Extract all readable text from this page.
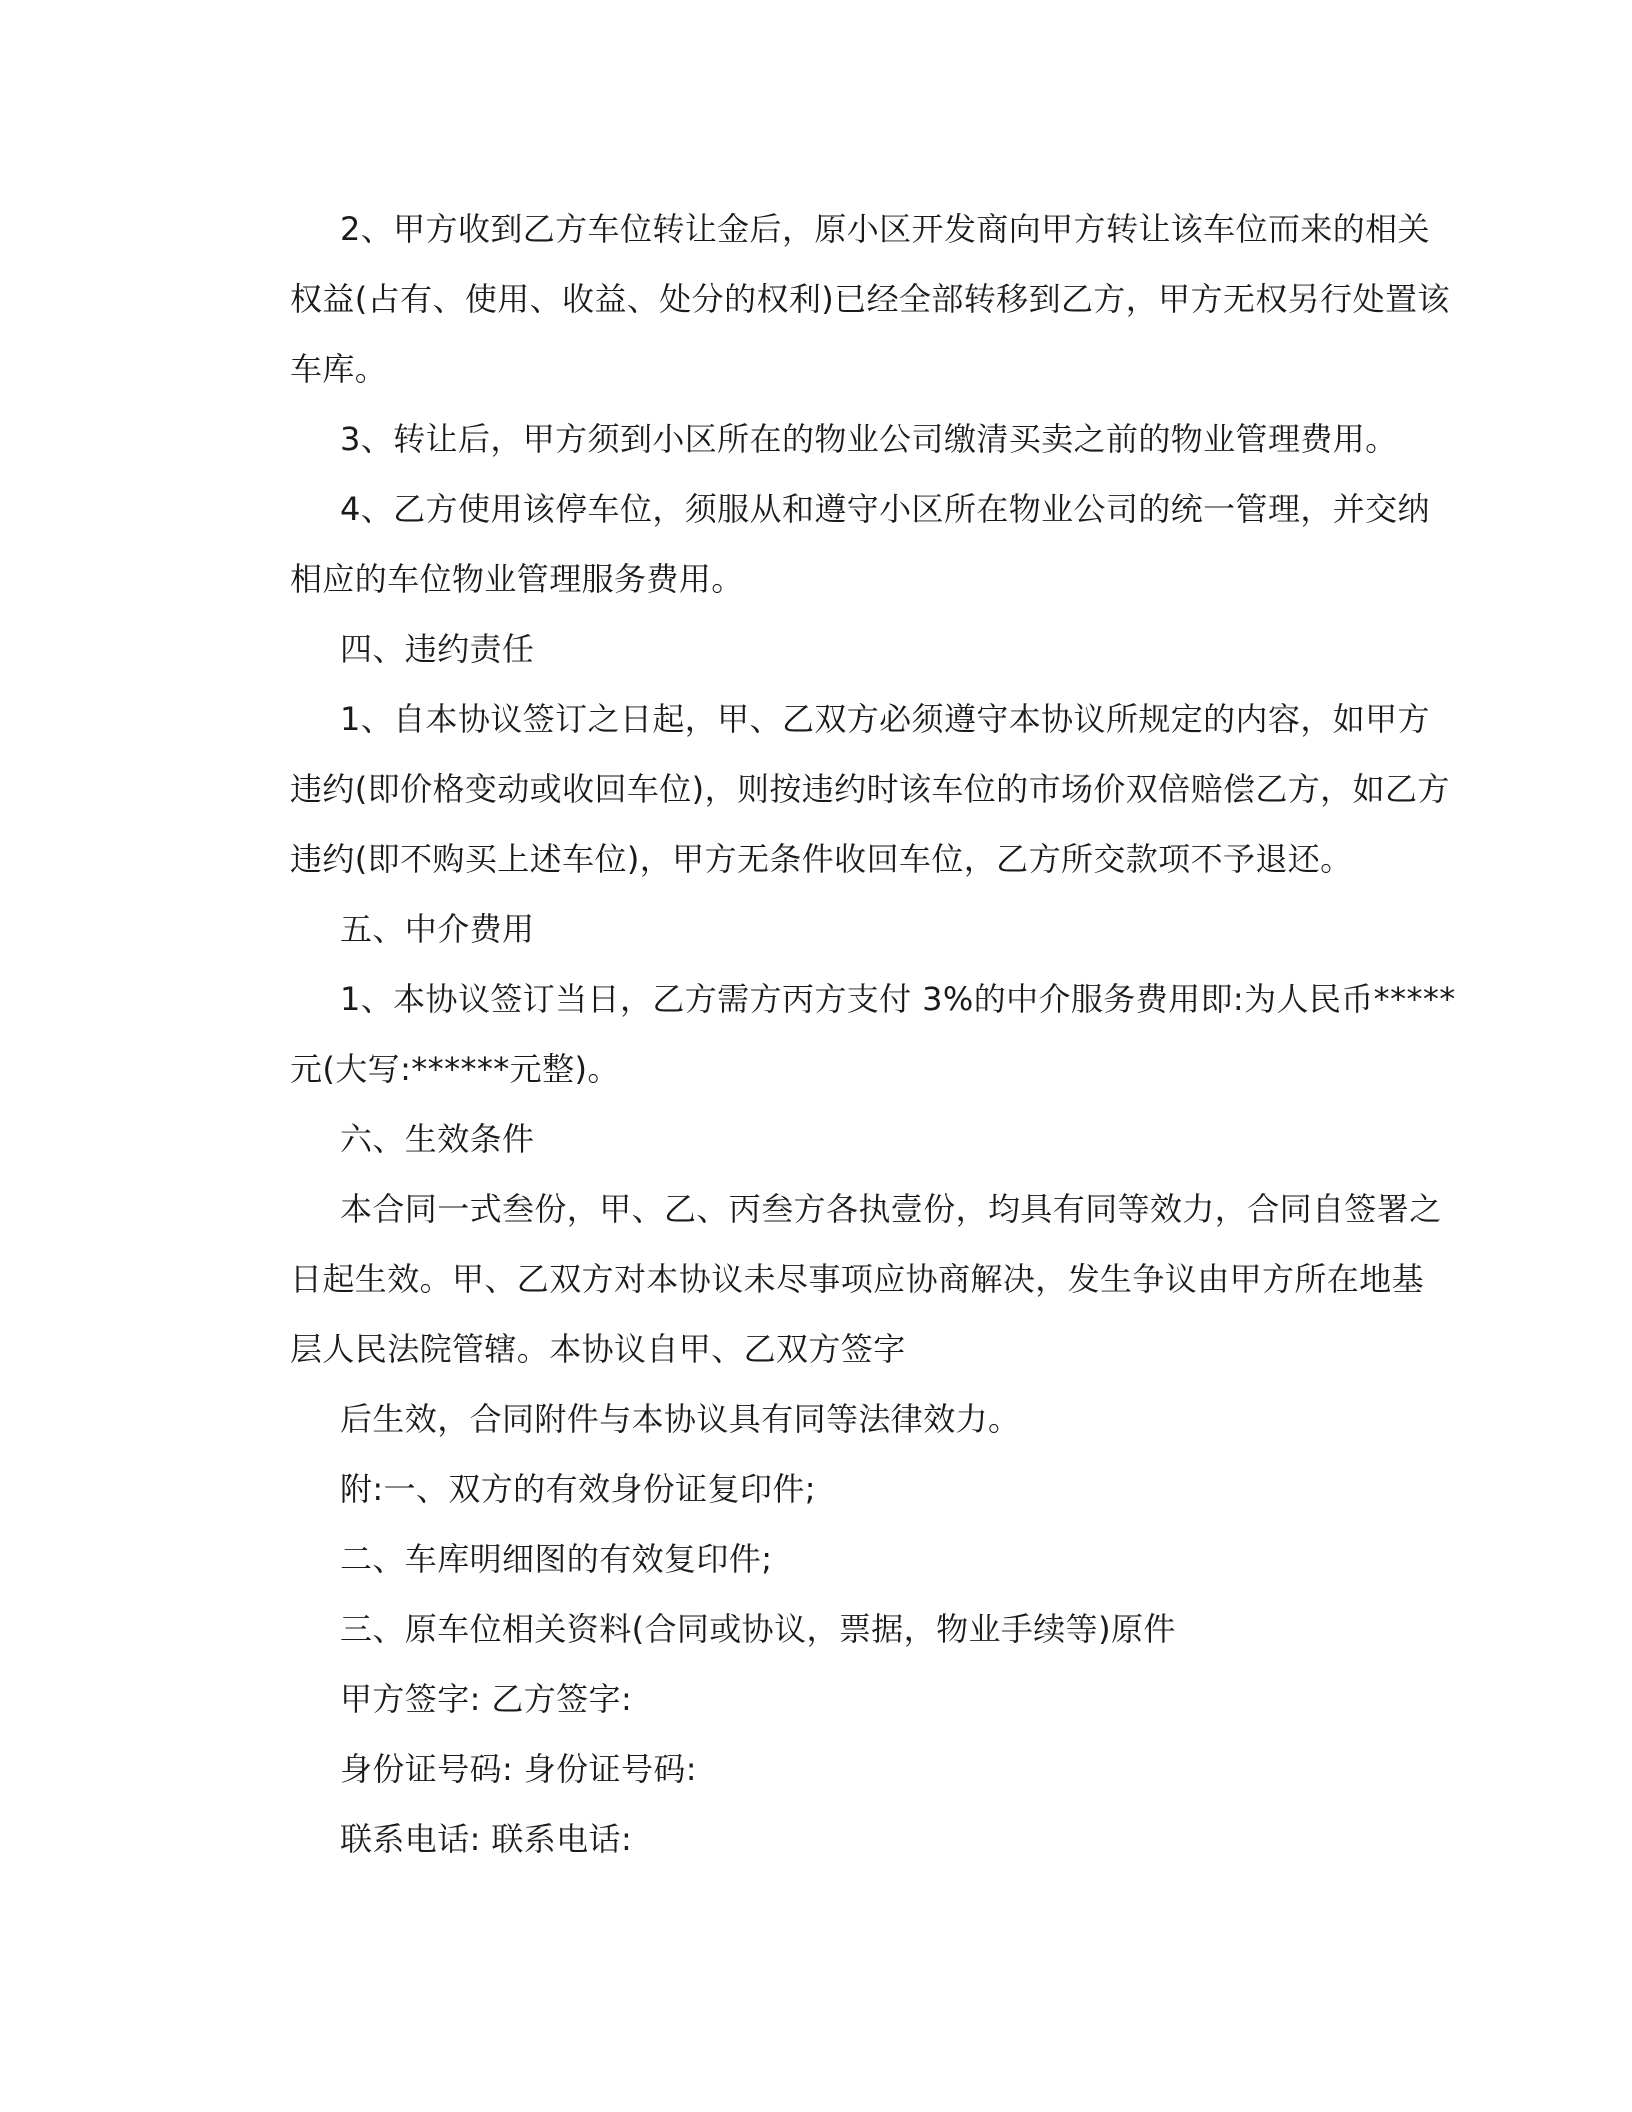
2、甲方收到乙方车位转让金后，原小区开发商向甲方转让该车位而来的相关
权益(占有、使用、收益、处分的权利)已经全部转移到乙方，甲方无权另行处置该
车库。

3、转让后，甲方须到小区所在的物业公司缴清买卖之前的物业管理费用。

4、乙方使用该停车位，须服从和遵守小区所在物业公司的统一管理，并交纳
相应的车位物业管理服务费用。

四、违约责任

1、自本协议签订之日起，甲、乙双方必须遵守本协议所规定的内容，如甲方
违约(即价格变动或收回车位)，则按违约时该车位的市场价双倍赔偿乙方，如乙方
违约(即不购买上述车位)，甲方无条件收回车位，乙方所交款项不予退还。

五、中介费用

1、本协议签订当日，乙方需方丙方支付 3%的中介服务费用即:为人民币*****
元(大写:******元整)。

六、生效条件

本合同一式叁份，甲、乙、丙叁方各执壹份，均具有同等效力，合同自签署之
日起生效。甲、乙双方对本协议未尽事项应协商解决，发生争议由甲方所在地基
层人民法院管辖。本协议自甲、乙双方签字

后生效，合同附件与本协议具有同等法律效力。

附:一、双方的有效身份证复印件;

二、车库明细图的有效复印件;

三、原车位相关资料(合同或协议，票据，物业手续等)原件

甲方签字: 乙方签字:

身份证号码: 身份证号码:

联系电话: 联系电话:
